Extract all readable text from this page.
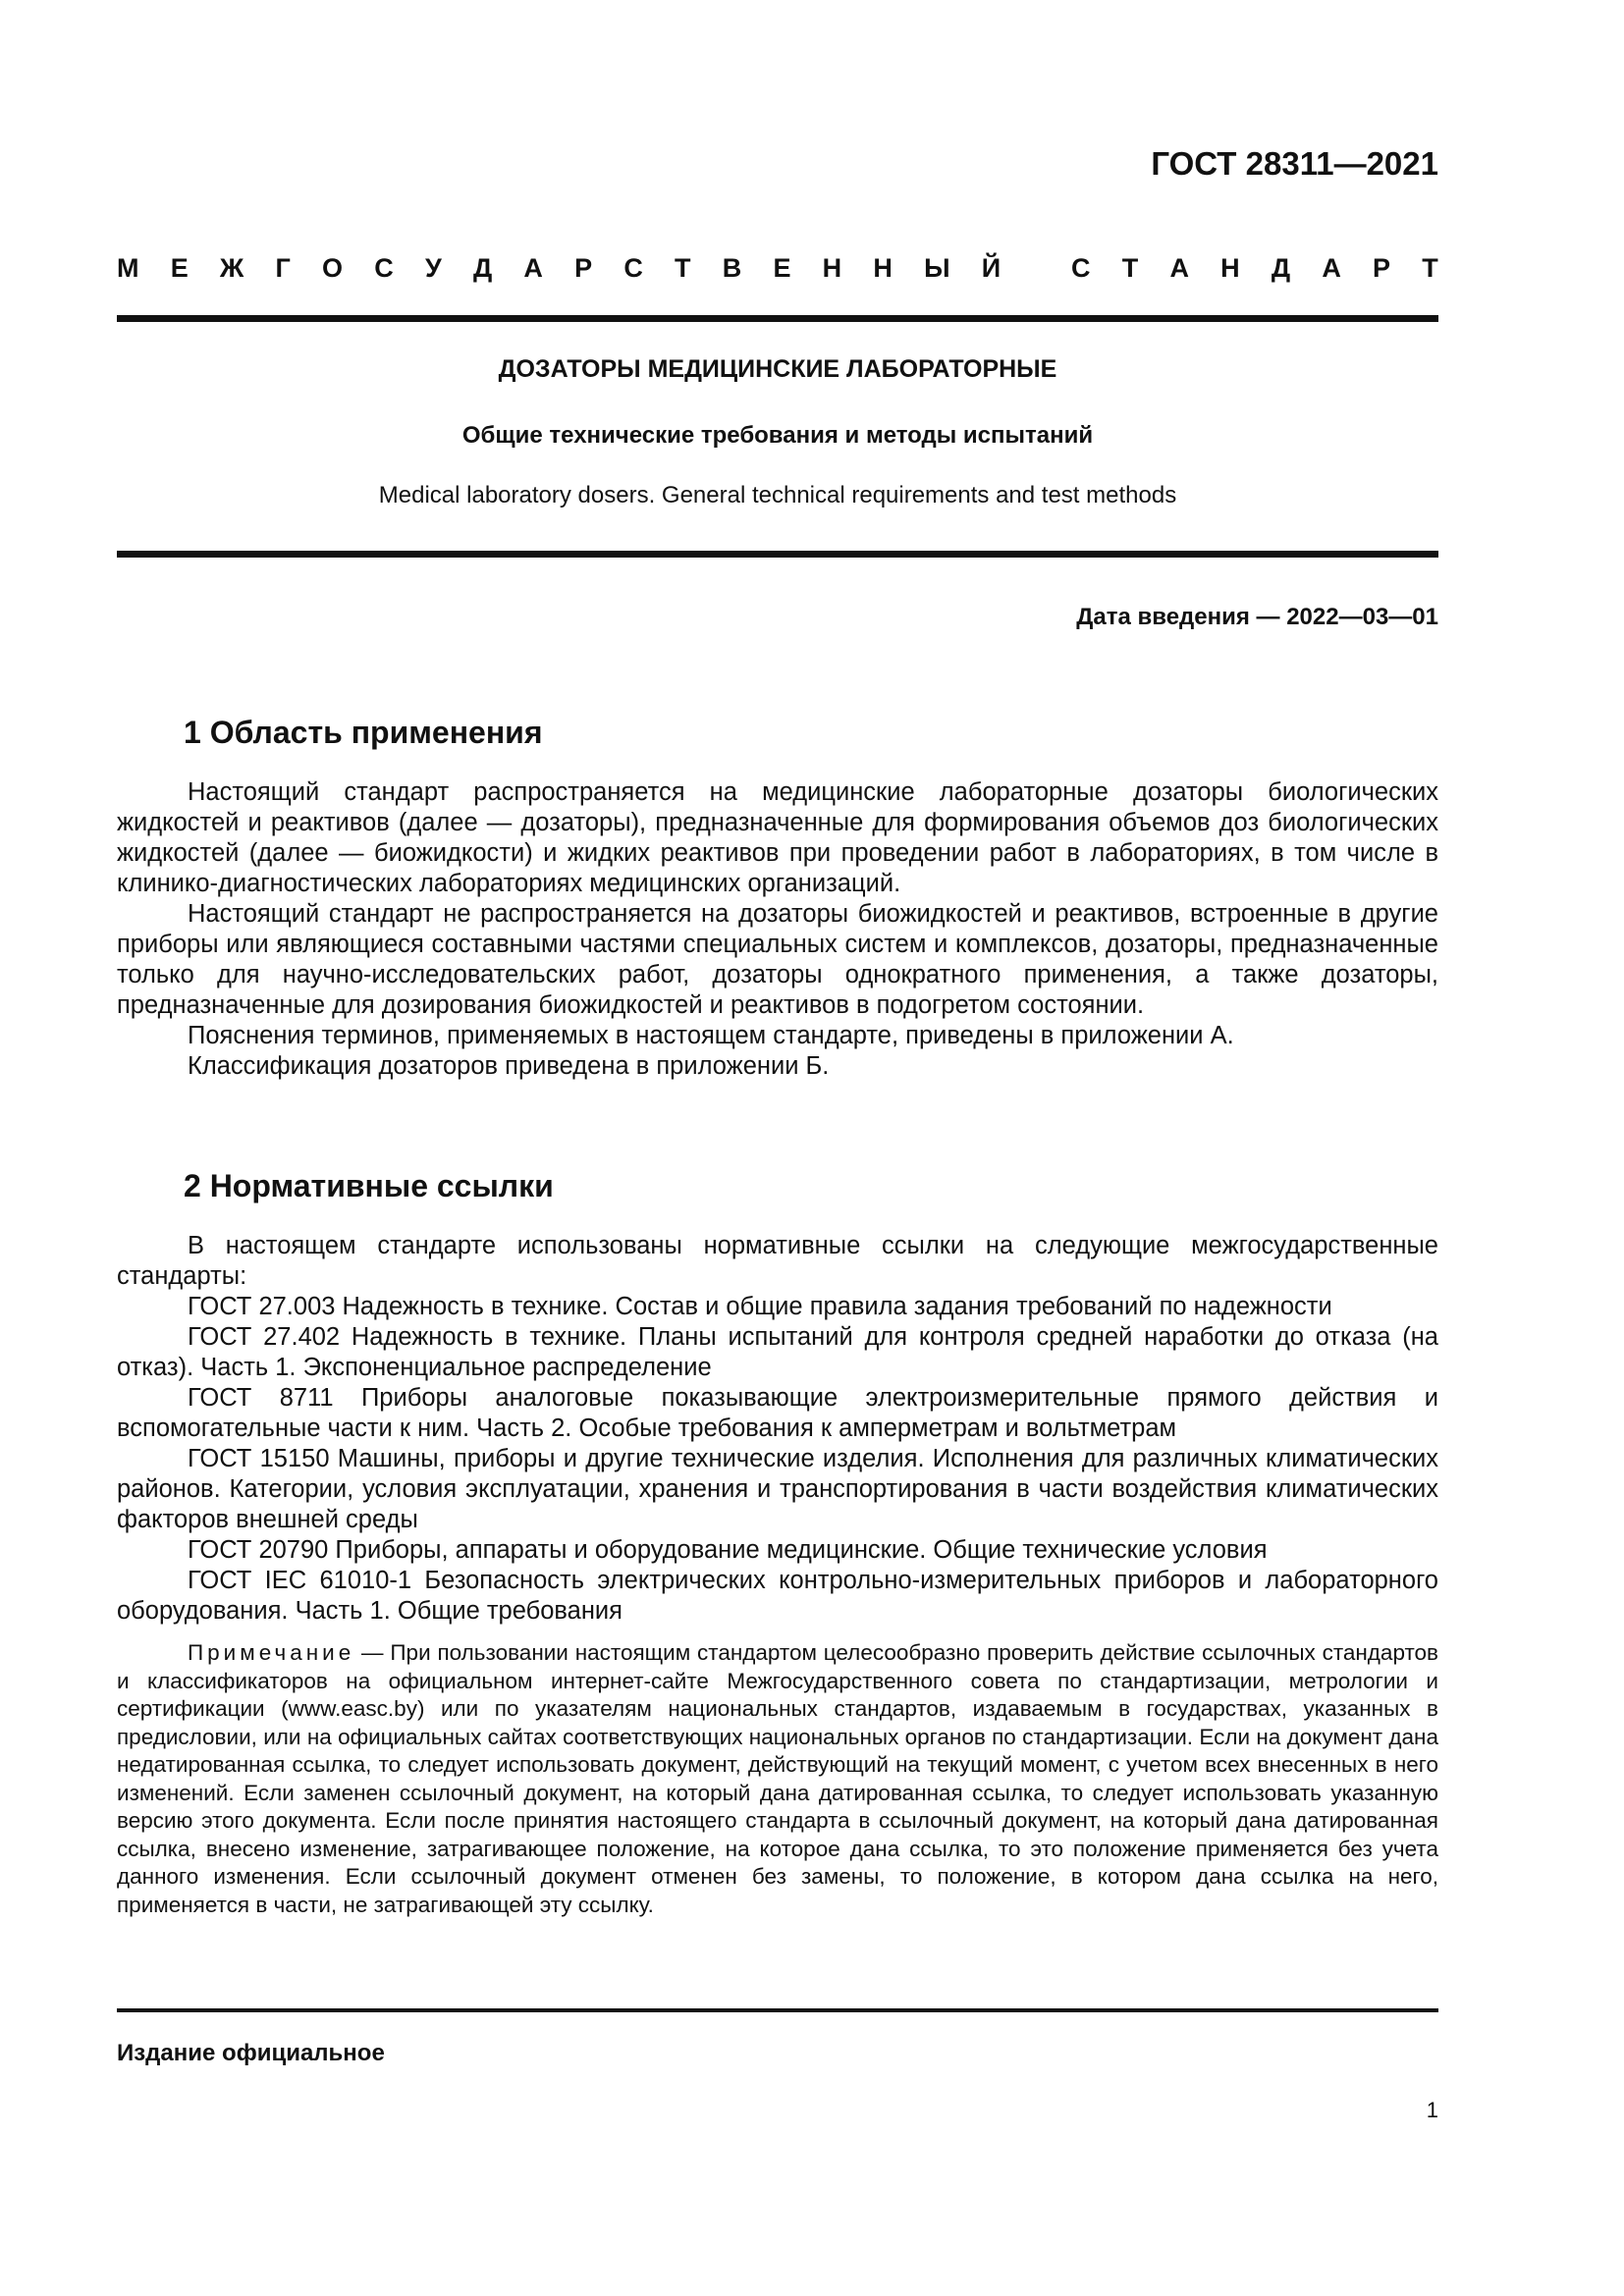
ГОСТ 28311—2021
М Е Ж Г О С У Д А Р С Т В Е Н Н Ы Й
	С Т А Н Д А Р Т
ДОЗАТОРЫ МЕДИЦИНСКИЕ ЛАБОРАТОРНЫЕ
Общие технические требования и методы испытаний
Medical laboratory dosers. General technical requirements and test methods
Дата введения — 2022—03—01
1 Область применения

Настоящий стандарт распространяется на медицинские лабораторные дозаторы биологических жидкостей и реактивов (далее — дозаторы), предназначенные для формирования объемов доз биологических жидкостей (далее — биожидкости) и жидких реактивов при проведении работ в лабораториях, в том числе в клинико-диагностических лабораториях медицинских организаций.

Настоящий стандарт не распространяется на дозаторы биожидкостей и реактивов, встроенные в другие приборы или являющиеся составными частями специальных систем и комплексов, дозаторы, предназначенные только для научно-исследовательских работ, дозаторы однократного применения, а также дозаторы, предназначенные для дозирования биожидкостей и реактивов в подогретом состоянии.

Пояснения терминов, применяемых в настоящем стандарте, приведены в приложении А.

Классификация дозаторов приведена в приложении Б.

2 Нормативные ссылки

В настоящем стандарте использованы нормативные ссылки на следующие межгосударственные стандарты:

ГОСТ 27.003 Надежность в технике. Состав и общие правила задания требований по надежности

ГОСТ 27.402 Надежность в технике. Планы испытаний для контроля средней наработки до отказа (на отказ). Часть 1. Экспоненциальное распределение

ГОСТ 8711 Приборы аналоговые показывающие электроизмерительные прямого действия и вспомогательные части к ним. Часть 2. Особые требования к амперметрам и вольтметрам

ГОСТ 15150 Машины, приборы и другие технические изделия. Исполнения для различных климатических районов. Категории, условия эксплуатации, хранения и транспортирования в части воздействия климатических факторов внешней среды

ГОСТ 20790 Приборы, аппараты и оборудование медицинские. Общие технические условия

ГОСТ IEC 61010-1 Безопасность электрических контрольно-измерительных приборов и лабораторного оборудования. Часть 1. Общие требования

Примечание — При пользовании настоящим стандартом целесообразно проверить действие ссылочных стандартов и классификаторов на официальном интернет-сайте Межгосударственного совета по стандартизации, метрологии и сертификации (www.easc.by) или по указателям национальных стандартов, издаваемым в государствах, указанных в предисловии, или на официальных сайтах соответствующих национальных органов по стандартизации. Если на документ дана недатированная ссылка, то следует использовать документ, действующий на текущий момент, с учетом всех внесенных в него изменений. Если заменен ссылочный документ, на который дана датированная ссылка, то следует использовать указанную версию этого документа. Если после принятия настоящего стандарта в ссылочный документ, на который дана датированная ссылка, внесено изменение, затрагивающее положение, на которое дана ссылка, то это положение применяется без учета данного изменения. Если ссылочный документ отменен без замены, то положение, в котором дана ссылка на него, применяется в части, не затрагивающей эту ссылку.

Издание официальное
1
